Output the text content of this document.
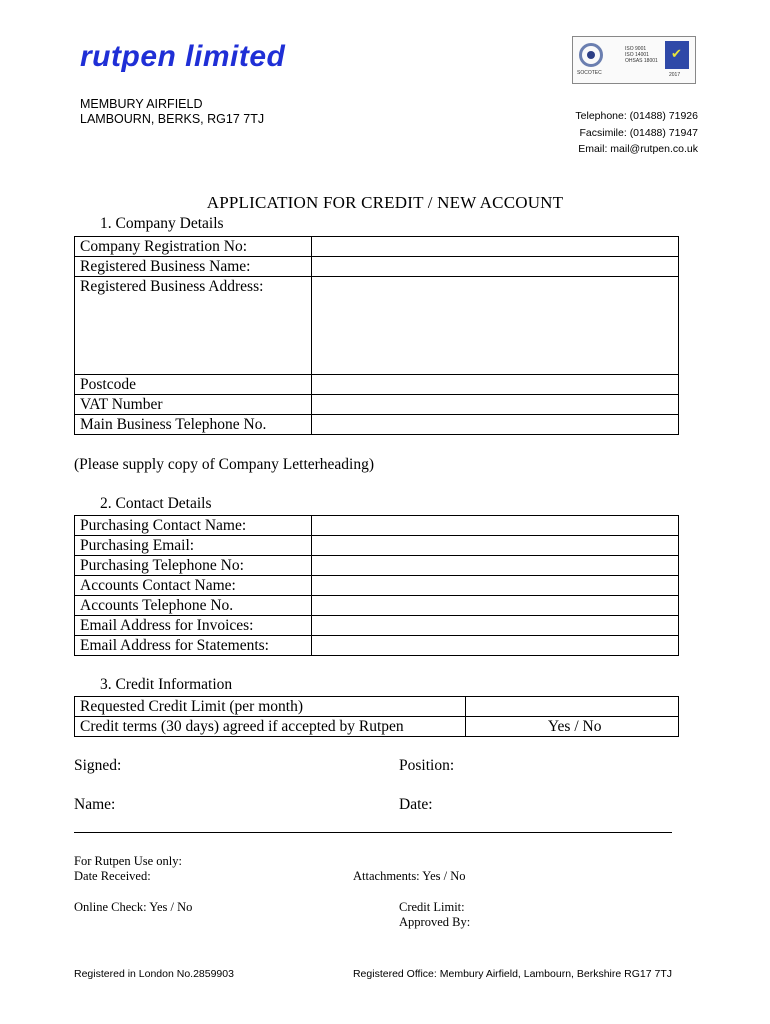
rutpen limited	SOCOTEC
ISO 9001
ISO 14001
OHSAS 18001
✔
2017
MEMBURY AIRFIELD
LAMBOURN, BERKS, RG17 7TJ	Telephone: (01488) 71926
Facsimile: (01488) 71947
Email: mail@rutpen.co.uk
APPLICATION FOR CREDIT / NEW ACCOUNT
1. Company Details
Company Registration No:	
Registered Business Name:	
Registered Business Address:	
Postcode	
VAT Number	
Main Business Telephone No.	
(Please supply copy of Company Letterheading)
2. Contact Details
Purchasing Contact Name:	
Purchasing Email:	
Purchasing Telephone No:	
Accounts Contact Name:	
Accounts Telephone No.	
Email Address for Invoices:	
Email Address for Statements:	
3. Credit Information
Requested Credit Limit (per month)	
Credit terms (30 days) agreed if accepted by Rutpen	Yes / No
Signed:	Position:
Name:	Date:
For Rutpen Use only:
Date Received:	Attachments: Yes / No
Online Check: Yes / No	Credit Limit:
Approved By:
Registered in London No.2859903	Registered Office: Membury Airfield, Lambourn, Berkshire RG17 7TJ
